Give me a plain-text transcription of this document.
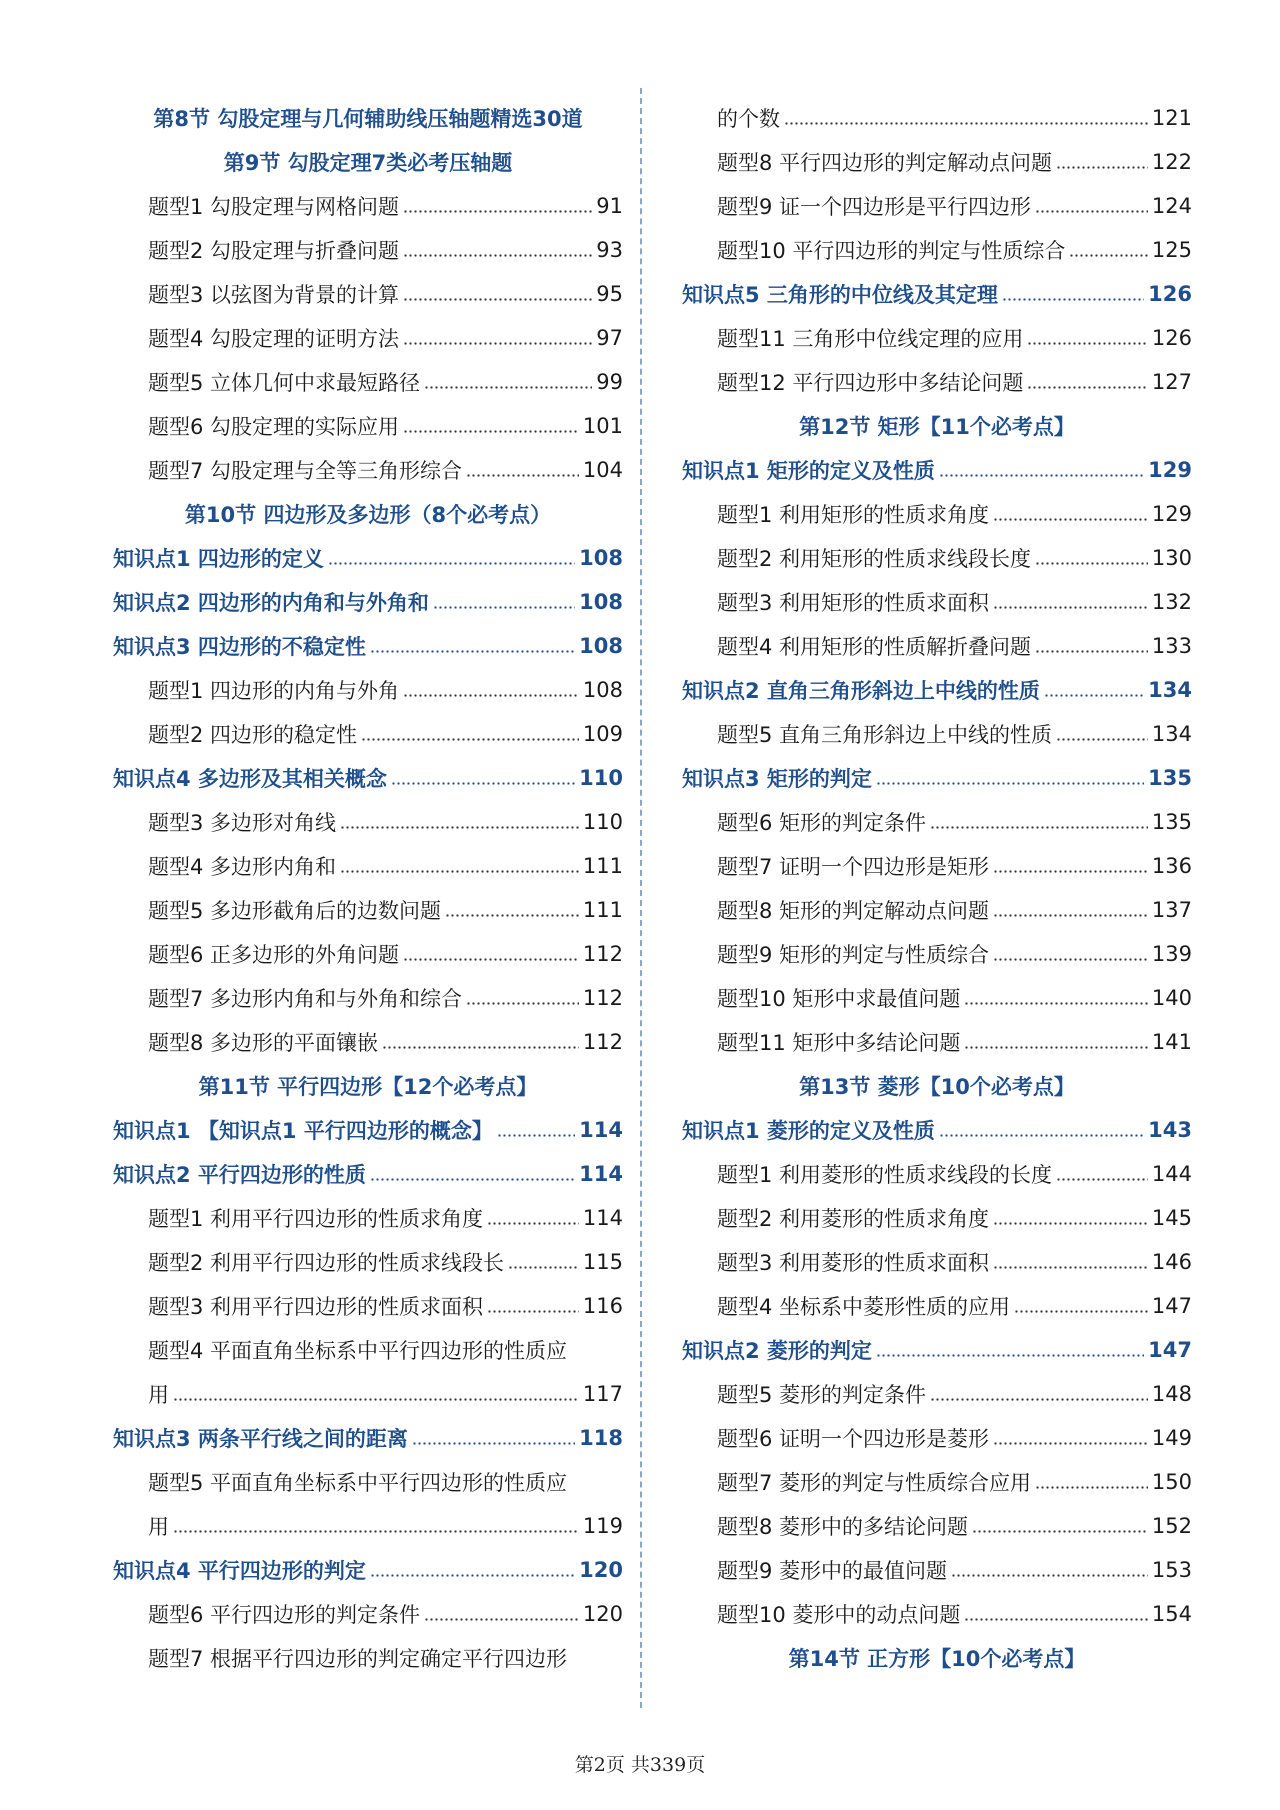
第8节 勾股定理与几何辅助线压轴题精选30道
第9节 勾股定理7类必考压轴题
题型1 勾股定理与网格问题	91
题型2 勾股定理与折叠问题	93
题型3 以弦图为背景的计算	95
题型4 勾股定理的证明方法	97
题型5 立体几何中求最短路径	99
题型6 勾股定理的实际应用	101
题型7 勾股定理与全等三角形综合	104
第10节 四边形及多边形（8个必考点）
知识点1 四边形的定义	108
知识点2 四边形的内角和与外角和	108
知识点3 四边形的不稳定性	108
题型1 四边形的内角与外角	108
题型2 四边形的稳定性	109
知识点4 多边形及其相关概念	110
题型3 多边形对角线	110
题型4 多边形内角和	111
题型5 多边形截角后的边数问题	111
题型6 正多边形的外角问题	112
题型7 多边形内角和与外角和综合	112
题型8 多边形的平面镶嵌	112
第11节 平行四边形【12个必考点】
知识点1 【知识点1 平行四边形的概念】	114
知识点2 平行四边形的性质	114
题型1 利用平行四边形的性质求角度	114
题型2 利用平行四边形的性质求线段长	115
题型3 利用平行四边形的性质求面积	116
题型4 平面直角坐标系中平行四边形的性质应
用	117
知识点3 两条平行线之间的距离	118
题型5 平面直角坐标系中平行四边形的性质应
用	119
知识点4 平行四边形的判定	120
题型6 平行四边形的判定条件	120
题型7 根据平行四边形的判定确定平行四边形
的个数	121
题型8 平行四边形的判定解动点问题	122
题型9 证一个四边形是平行四边形	124
题型10 平行四边形的判定与性质综合	125
知识点5 三角形的中位线及其定理	126
题型11 三角形中位线定理的应用	126
题型12 平行四边形中多结论问题	127
第12节 矩形【11个必考点】
知识点1 矩形的定义及性质	129
题型1 利用矩形的性质求角度	129
题型2 利用矩形的性质求线段长度	130
题型3 利用矩形的性质求面积	132
题型4 利用矩形的性质解折叠问题	133
知识点2 直角三角形斜边上中线的性质	134
题型5 直角三角形斜边上中线的性质	134
知识点3 矩形的判定	135
题型6 矩形的判定条件	135
题型7 证明一个四边形是矩形	136
题型8 矩形的判定解动点问题	137
题型9 矩形的判定与性质综合	139
题型10 矩形中求最值问题	140
题型11 矩形中多结论问题	141
第13节 菱形【10个必考点】
知识点1 菱形的定义及性质	143
题型1 利用菱形的性质求线段的长度	144
题型2 利用菱形的性质求角度	145
题型3 利用菱形的性质求面积	146
题型4 坐标系中菱形性质的应用	147
知识点2 菱形的判定	147
题型5 菱形的判定条件	148
题型6 证明一个四边形是菱形	149
题型7 菱形的判定与性质综合应用	150
题型8 菱形中的多结论问题	152
题型9 菱形中的最值问题	153
题型10 菱形中的动点问题	154
第14节 正方形【10个必考点】
第2页 共339页
